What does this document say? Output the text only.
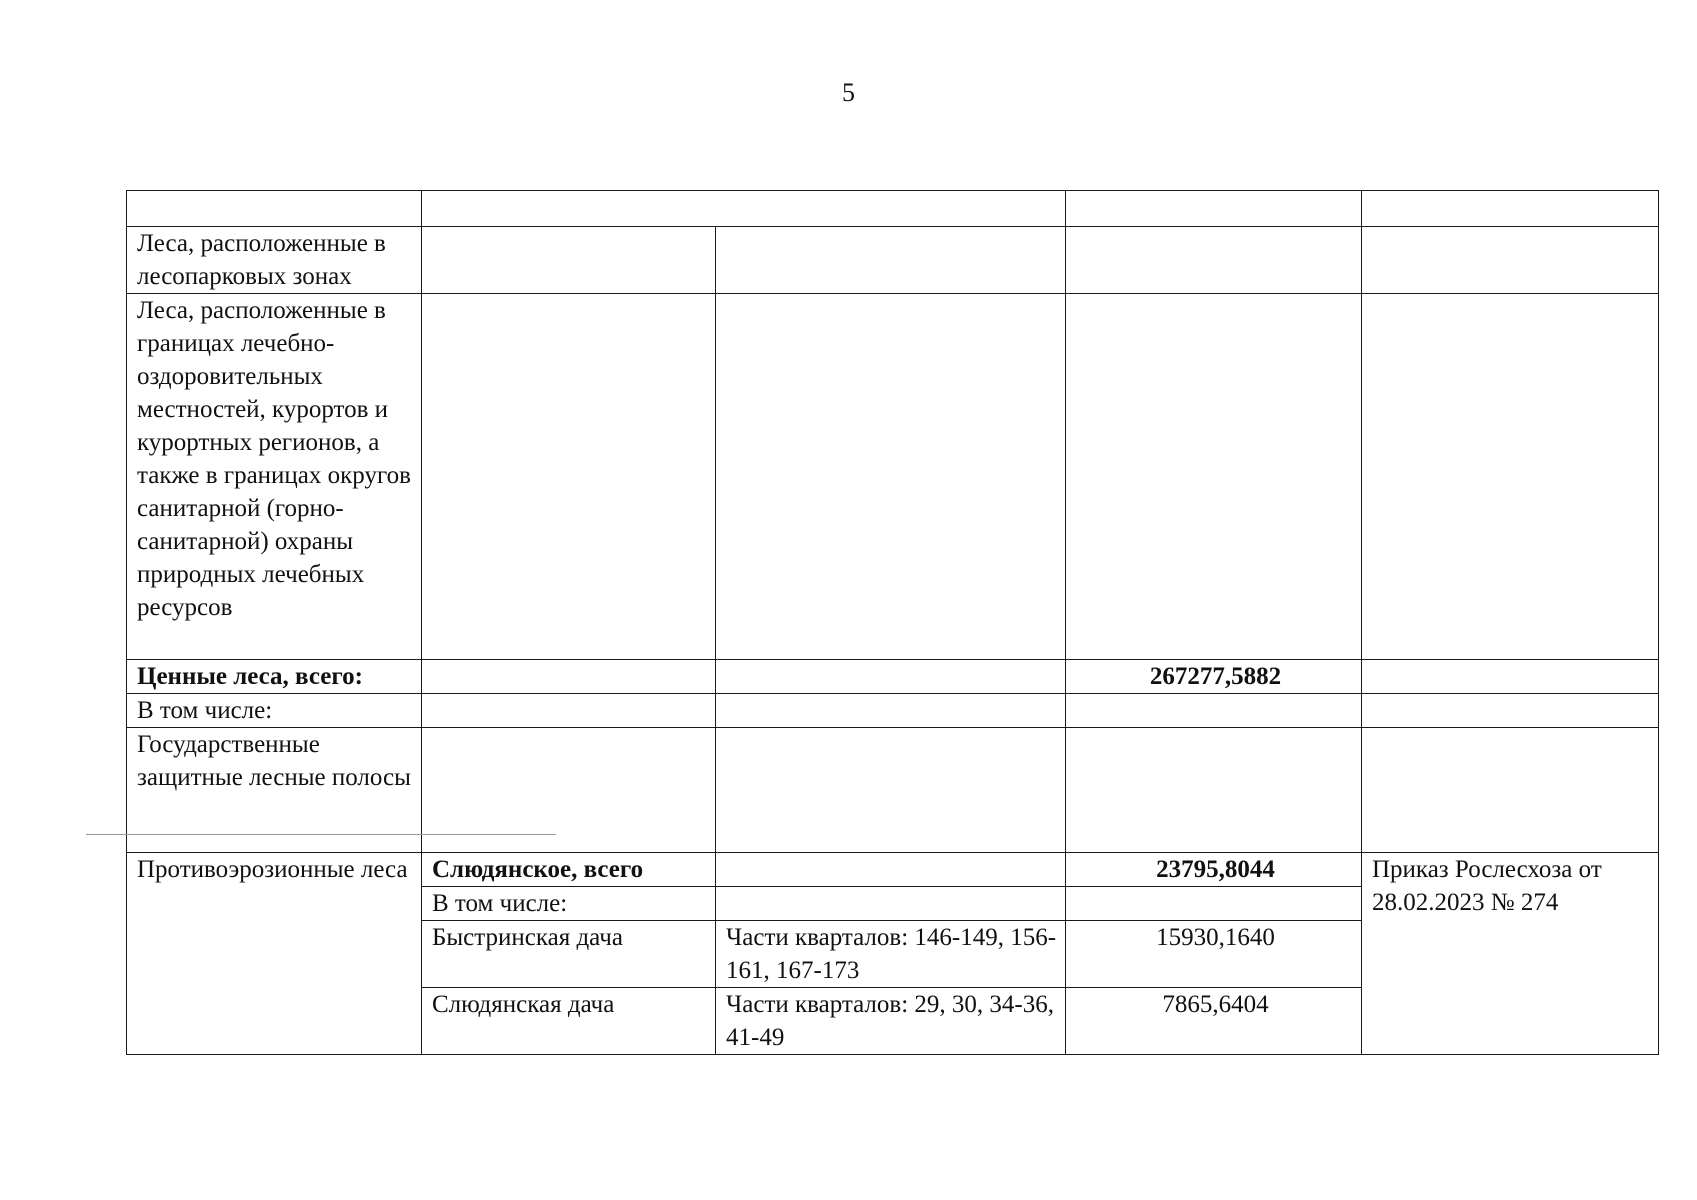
5

Леса, расположенные в лесопарковых зонах				
Леса, расположенные в границах лечебно-оздоровительных местностей, курортов и курортных регионов, а также в границах округов санитарной (горно-санитарной) охраны природных лечебных ресурсов				
Ценные леса, всего:			267277,5882	
В том числе:				
Государственные защитные лесные полосы				
Противоэрозионные леса	Слюдянское, всего		23795,8044	Приказ Рослесхоза от 28.02.2023 № 274
	В том числе:			
	Быстринская дача	Части кварталов: 146-149, 156-161, 167-173	15930,1640	
	Слюдянская дача	Части кварталов: 29, 30, 34-36, 41-49	7865,6404	
